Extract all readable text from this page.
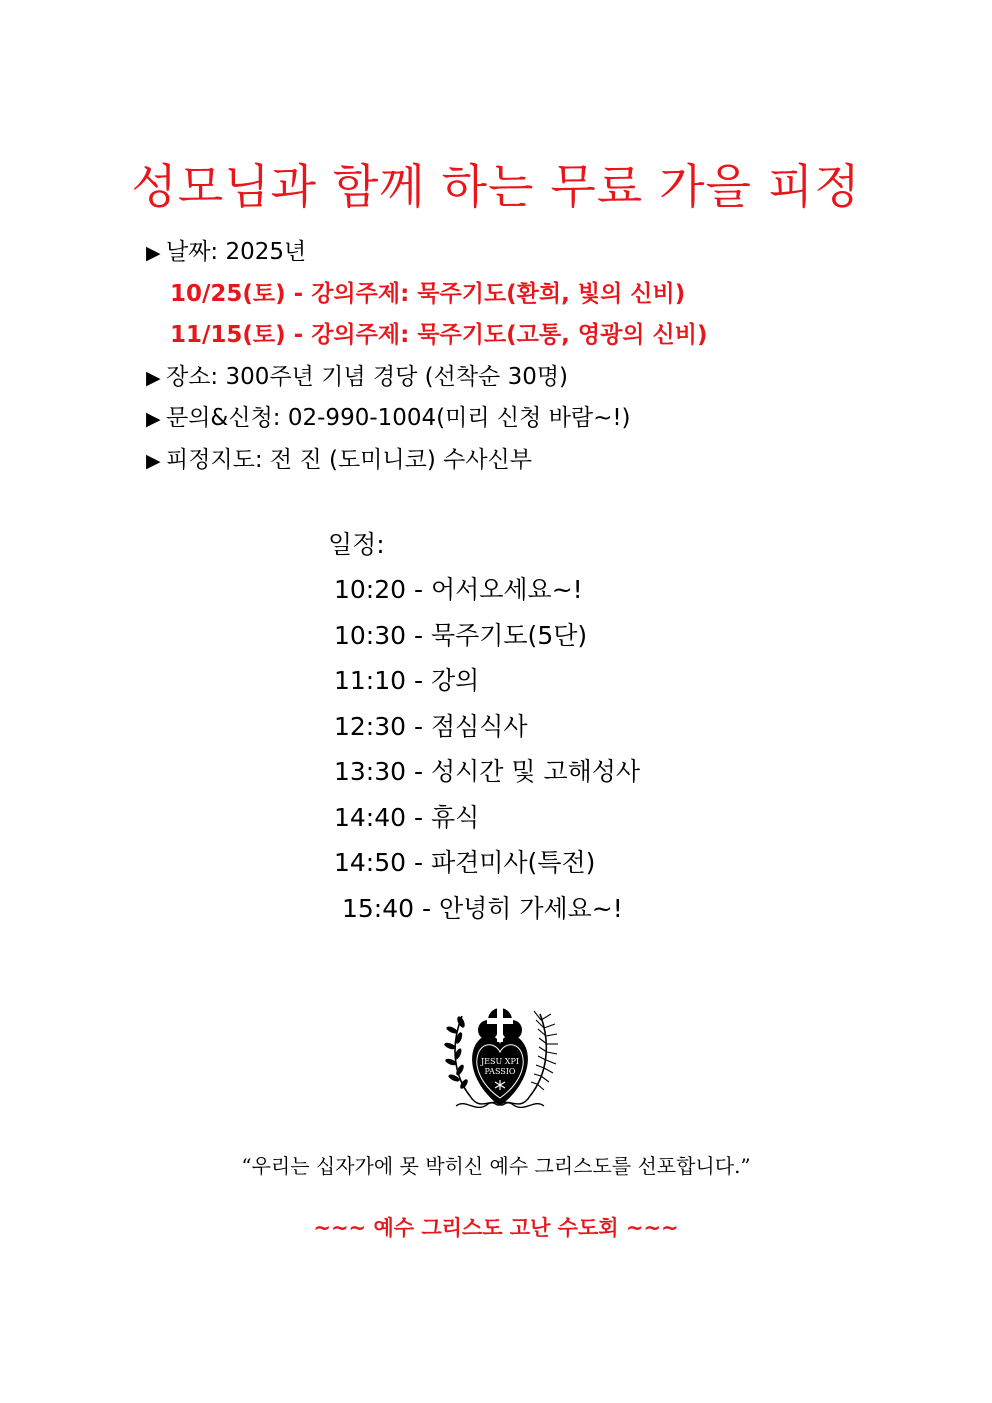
성모님과 함께 하는 무료 가을 피정
▶ 날짜: 2025년
10/25(토) - 강의주제: 묵주기도(환희, 빛의 신비)
11/15(토) - 강의주제: 묵주기도(고통, 영광의 신비)
▶ 장소: 300주년 기념 경당 (선착순 30명)
▶ 문의&신청: 02-990-1004(미리 신청 바람~!)
▶ 피정지도: 전 진 (도미니코) 수사신부
일정:
10:20 - 어서오세요~!
10:30 - 묵주기도(5단)
11:10 - 강의
12:30 - 점심식사
13:30 - 성시간 및 고해성사
14:40 - 휴식
14:50 - 파견미사(특전)
15:40 - 안녕히 가세요~!
JESU XPI
PASSIO
“우리는 십자가에 못 박히신 예수 그리스도를 선포합니다.”
~~~ 예수 그리스도 고난 수도회 ~~~
